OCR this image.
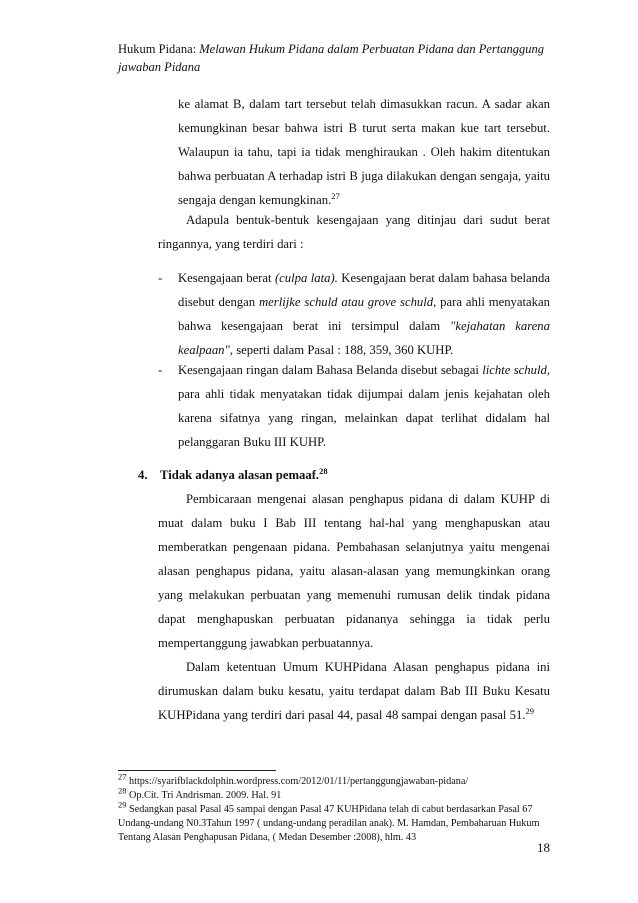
Hukum Pidana: Melawan Hukum Pidana dalam Perbuatan Pidana dan Pertanggung jawaban Pidana

ke alamat B, dalam tart tersebut telah dimasukkan racun. A sadar akan kemungkinan besar bahwa istri B turut serta makan kue tart tersebut. Walaupun ia tahu, tapi ia tidak menghiraukan . Oleh hakim ditentukan bahwa perbuatan A terhadap istri B juga dilakukan dengan sengaja, yaitu sengaja dengan kemungkinan.$^{27}$

Adapula bentuk-bentuk kesengajaan yang ditinjau dari sudut berat ringannya, yang terdiri dari :

- Kesengajaan berat (culpa lata). Kesengajaan berat dalam bahasa belanda disebut dengan merlijke schuld atau grove schuld, para ahli menyatakan bahwa kesengajaan berat ini tersimpul dalam "kejahatan karena kealpaan", seperti dalam Pasal : 188, 359, 360 KUHP.

- Kesengajaan ringan dalam Bahasa Belanda disebut sebagai lichte schuld, para ahli tidak menyatakan tidak dijumpai dalam jenis kejahatan oleh karena sifatnya yang ringan, melainkan dapat terlihat didalam hal pelanggaran Buku III KUHP.

4. Tidak adanya alasan pemaaf.$^{28}$

Pembicaraan mengenai alasan penghapus pidana di dalam KUHP di muat dalam buku I Bab III tentang hal-hal yang menghapuskan atau memberatkan pengenaan pidana. Pembahasan selanjutnya yaitu mengenai alasan penghapus pidana, yaitu alasan-alasan yang memungkinkan orang yang melakukan perbuatan yang memenuhi rumusan delik tindak pidana dapat menghapuskan perbuatan pidananya sehingga ia tidak perlu mempertanggung jawabkan perbuatannya.

Dalam ketentuan Umum KUHPidana Alasan penghapus pidana ini dirumuskan dalam buku kesatu, yaitu terdapat dalam Bab III Buku Kesatu KUHPidana yang terdiri dari pasal 44, pasal 48 sampai dengan pasal 51.29

$^{27}$ https://syarifblackdolphin.wordpress.com/2012/01/11/pertanggungjawaban-pidana/

$^{28}$ Op.Cit. Tri Andrisman. 2009. Hal. 91

$^{29}$ Sedangkan pasal Pasal 45 sampai dengan Pasal 47 KUHPidana telah di cabut berdasarkan Pasal 67 Undang-undang N0.3Tahun 1997 ( undang-undang peradilan anak). M. Hamdan, Pembaharuan Hukum Tentang Alasan Penghapusan Pidana, ( Medan Desember :2008), hlm. 43

18
